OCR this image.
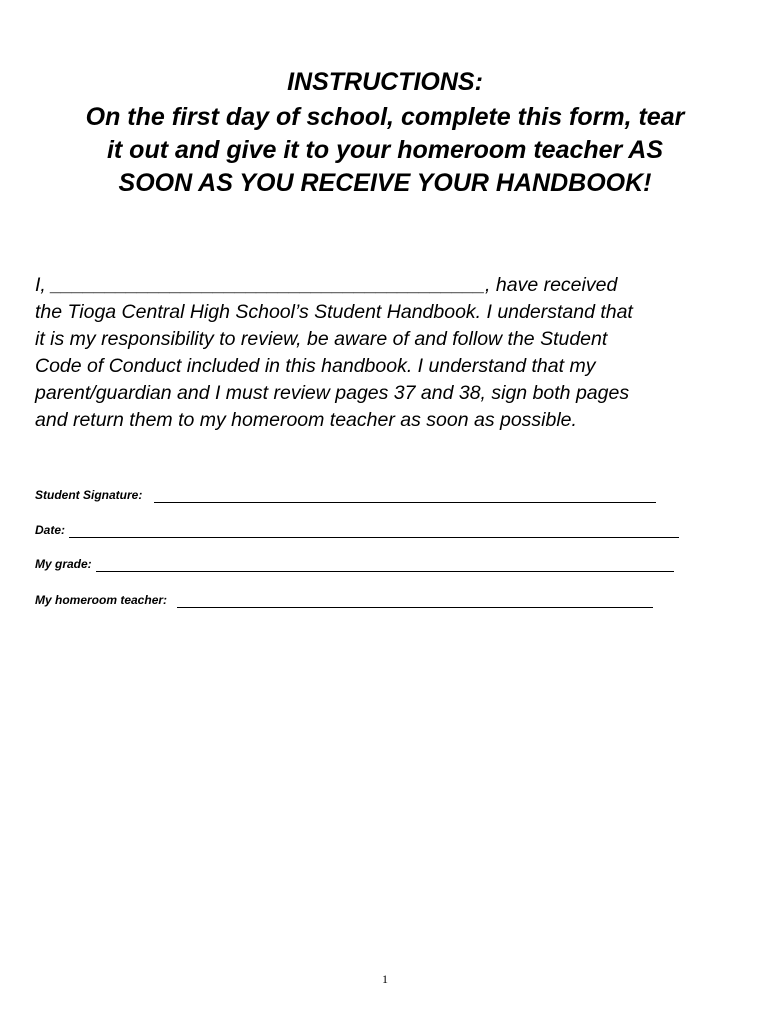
INSTRUCTIONS:
On the first day of school, complete this form, tear
it out and give it to your homeroom teacher AS
SOON AS YOU RECEIVE YOUR HANDBOOK!
I, ________________________________________, have received
the Tioga Central High School’s Student Handbook. I understand that
it is my responsibility to review, be aware of and follow the Student
Code of Conduct included in this handbook. I understand that my
parent/guardian and I must review pages 37 and 38, sign both pages
and return them to my homeroom teacher as soon as possible.
Student Signature:
Date:
My grade:
My homeroom teacher:
1
